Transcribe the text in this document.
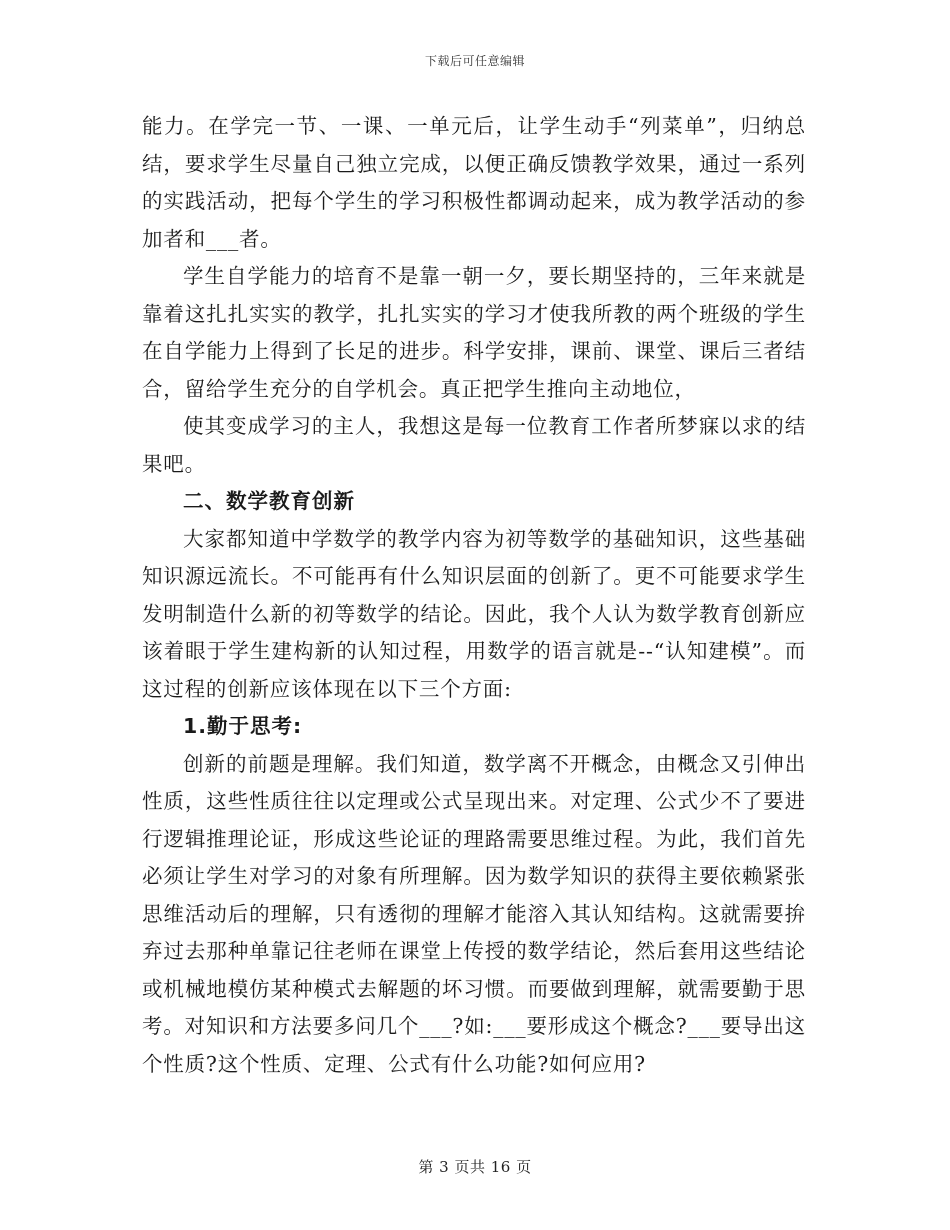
下载后可任意编辑

能力。在学完一节、一课、一单元后，让学生动手“列菜单”，归纳总结，要求学生尽量自己独立完成，以便正确反馈教学效果，通过一系列的实践活动，把每个学生的学习积极性都调动起来，成为教学活动的参加者和___者。

学生自学能力的培育不是靠一朝一夕，要长期坚持的，三年来就是靠着这扎扎实实的教学，扎扎实实的学习才使我所教的两个班级的学生在自学能力上得到了长足的进步。科学安排，课前、课堂、课后三者结合，留给学生充分的自学机会。真正把学生推向主动地位，

使其变成学习的主人，我想这是每一位教育工作者所梦寐以求的结果吧。

二、数学教育创新

大家都知道中学数学的教学内容为初等数学的基础知识，这些基础知识源远流长。不可能再有什么知识层面的创新了。更不可能要求学生发明制造什么新的初等数学的结论。因此，我个人认为数学教育创新应该着眼于学生建构新的认知过程，用数学的语言就是--“认知建模”。而这过程的创新应该体现在以下三个方面:

1.勤于思考:

创新的前题是理解。我们知道，数学离不开概念，由概念又引伸出性质，这些性质往往以定理或公式呈现出来。对定理、公式少不了要进行逻辑推理论证，形成这些论证的理路需要思维过程。为此，我们首先必须让学生对学习的对象有所理解。因为数学知识的获得主要依赖紧张思维活动后的理解，只有透彻的理解才能溶入其认知结构。这就需要拚弃过去那种单靠记往老师在课堂上传授的数学结论，然后套用这些结论或机械地模仿某种模式去解题的坏习惯。而要做到理解，就需要勤于思考。对知识和方法要多问几个___?如:___要形成这个概念?___要导出这个性质?这个性质、定理、公式有什么功能?如何应用?

第 3 页共 16 页
